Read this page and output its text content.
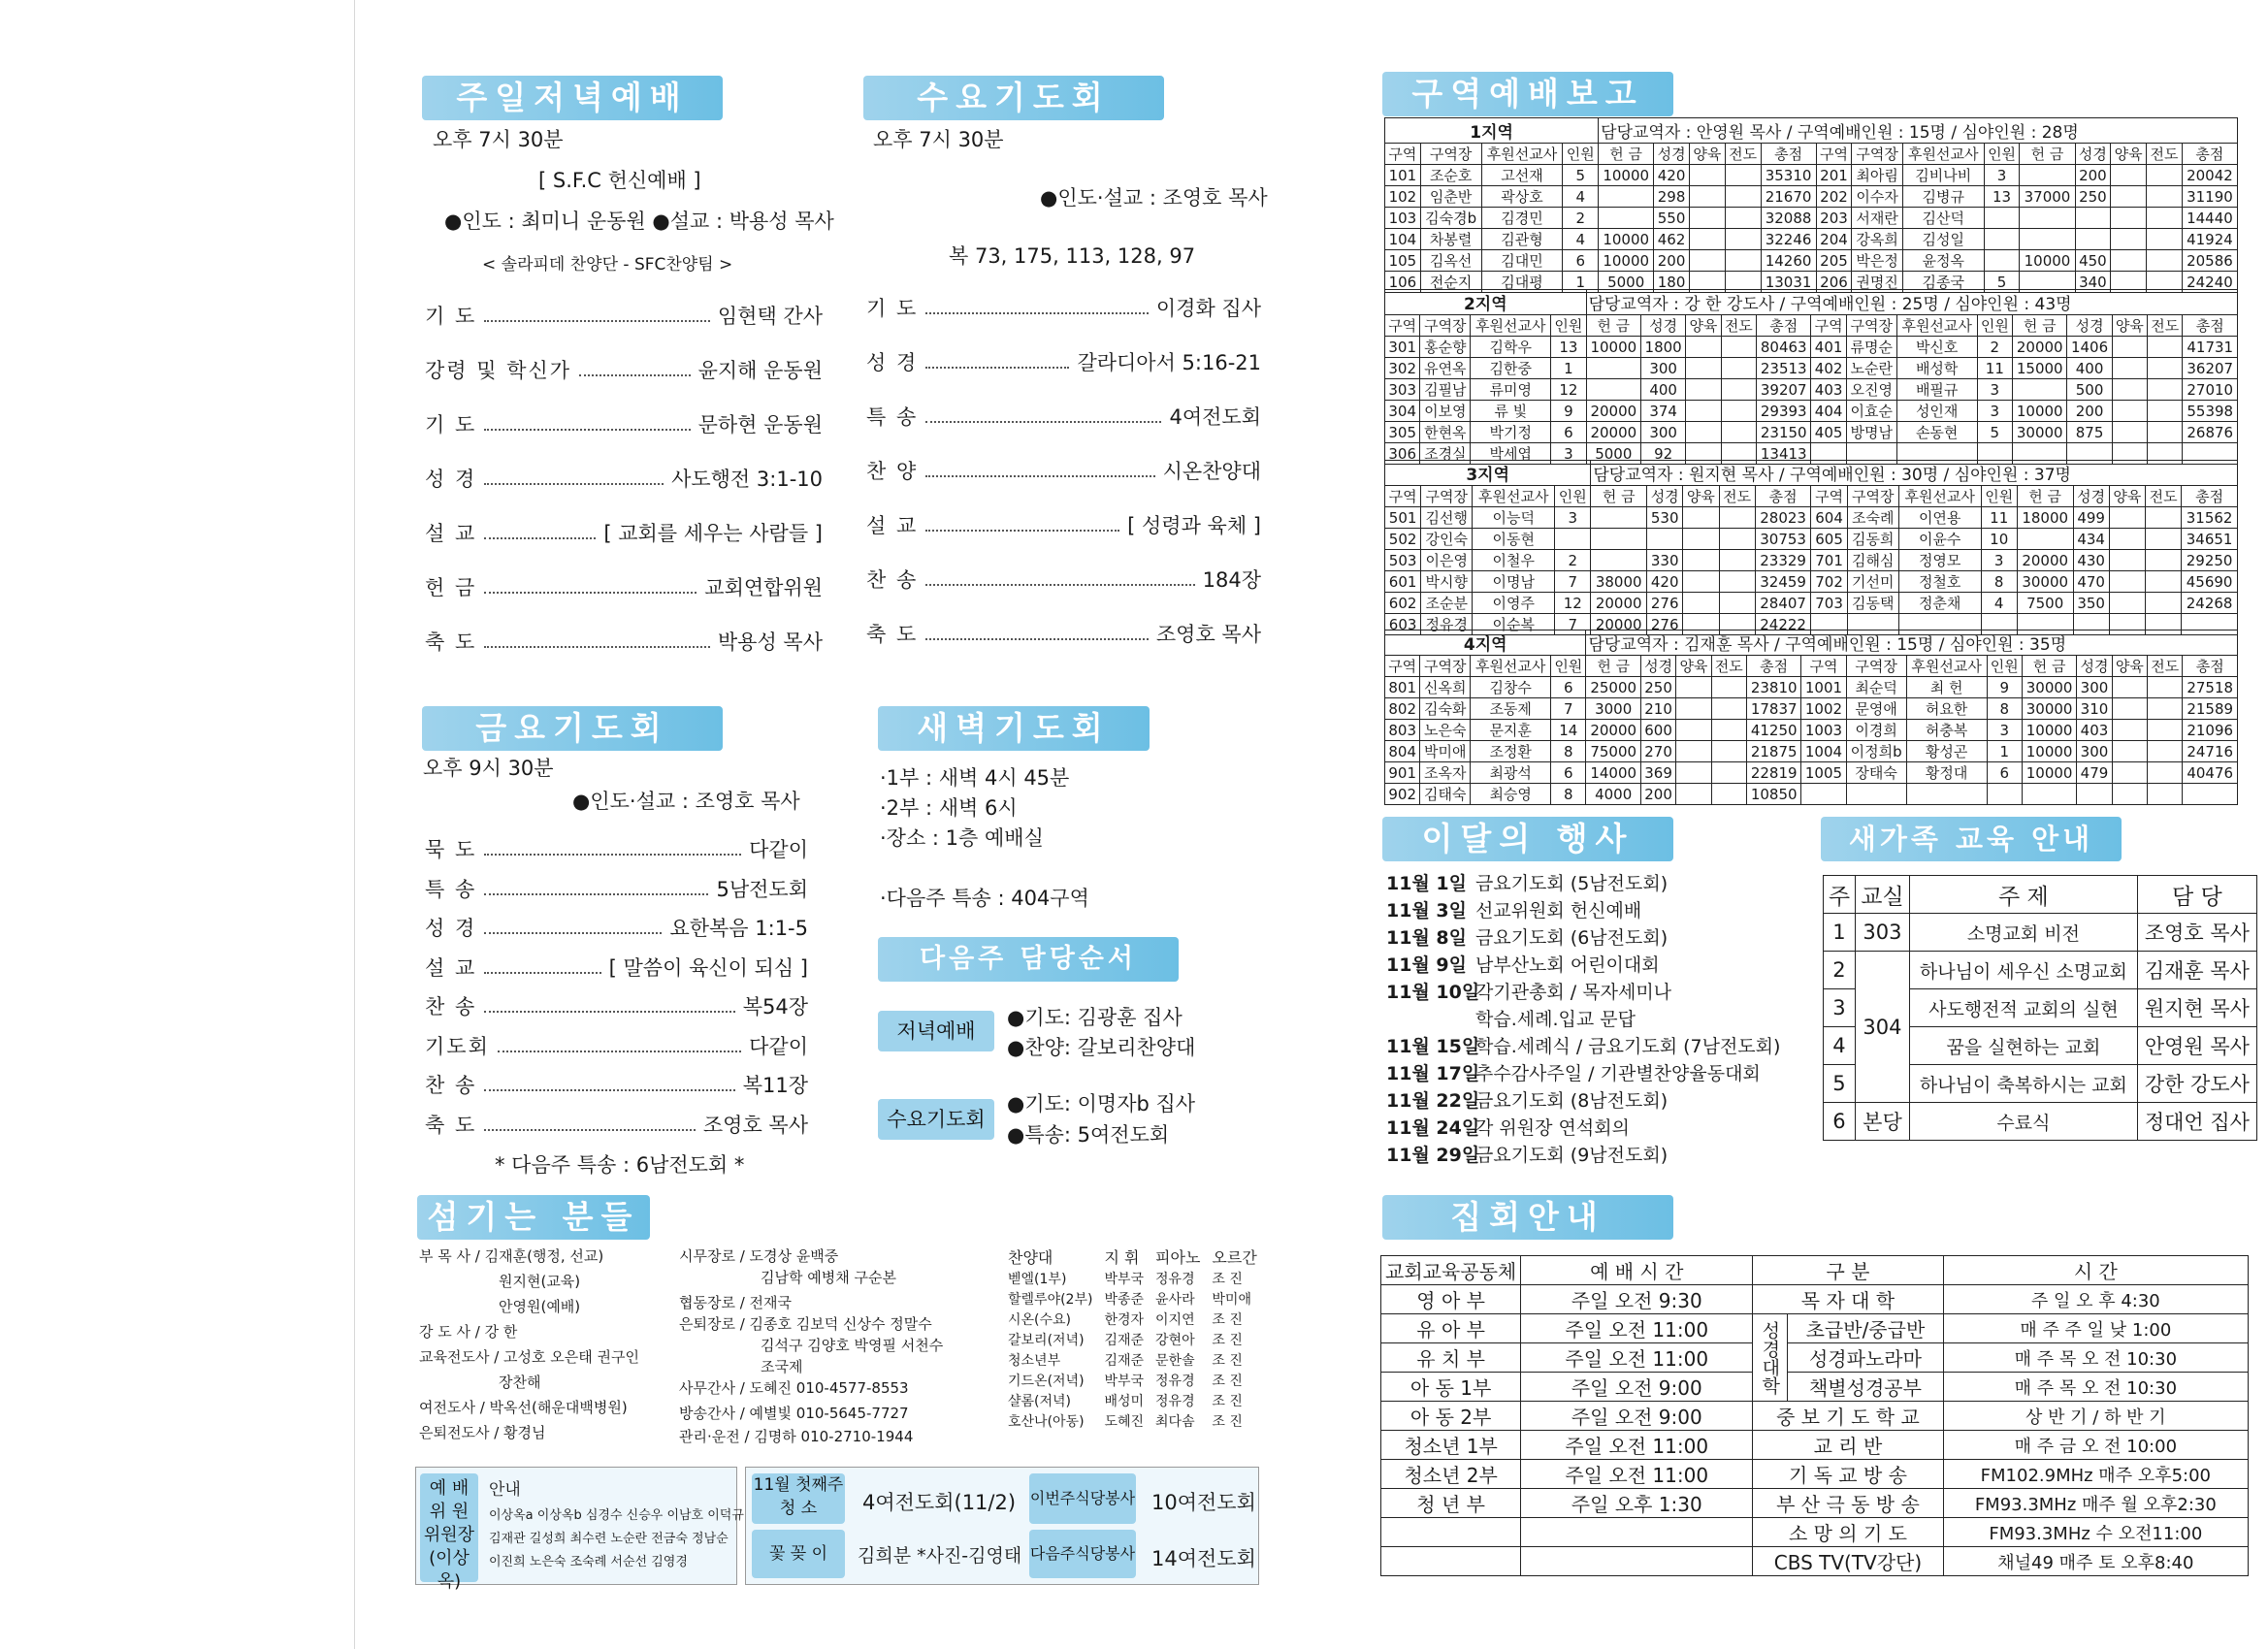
주일저녁예배
오후 7시 30분
[ S.F.C 헌신예배 ]
●인도 : 최미니 운동원 ●설교 : 박용성 목사
< 솔라피데 찬양단 - SFC찬양팀 >
기 도	임현택 간사
강령 및 학신가	윤지해 운동원
기 도	문하현 운동원
성 경	사도행전 3:1-10
설 교	[ 교회를 세우는 사람들 ]
헌 금	교회연합위원
축 도	박용성 목사
수요기도회
오후 7시 30분
●인도·설교 : 조영호 목사
복 73, 175, 113, 128, 97
기 도	이경화 집사
성 경	갈라디아서 5:16-21
특 송	4여전도회
찬 양	시온찬양대
설 교	[ 성령과 육체 ]
찬 송	184장
축 도	조영호 목사
금요기도회
오후 9시 30분
●인도·설교 : 조영호 목사
묵 도	다같이
특 송	5남전도회
성 경	요한복음 1:1-5
설 교	[ 말씀이 육신이 되심 ]
찬 송	복54장
기도회	다같이
찬 송	복11장
축 도	조영호 목사
* 다음주 특송 : 6남전도회 *
새벽기도회
·1부 : 새벽 4시 45분
·2부 : 새벽 6시
·장소 : 1층 예배실
·다음주 특송 : 404구역
다음주 담당순서
저녁예배
●기도: 김광훈 집사
●찬양: 갈보리찬양대
수요기도회
●기도: 이명자b 집사
●특송: 5여전도회
섬기는 분들
부 목 사 / 김재훈(행정, 선교)
원지현(교육)
안영원(예배)
강 도 사 / 강 한
교육전도사 / 고성호 오은태 권구인
장찬해
여전도사 / 박옥선(해운대백병원)
은퇴전도사 / 황경님
시무장로 / 도경상 윤백중
김남학 예병채 구순본
협동장로 / 전재국
은퇴장로 / 김종호 김보덕 신상수 정말수
김석구 김양호 박영필 서천수
조국제
사무간사 / 도혜진 010-4577-8553
방송간사 / 예별빛 010-5645-7727
관리·운전 / 김명하 010-2710-1944
찬양대	지 휘	피아노	오르간
벧엘(1부)	박부국	정유경	조 진
할렐루야(2부)	박종준	윤사라	박미애
시온(수요)	한경자	이지연	조 진
갈보리(저녁)	김재준	강현아	조 진
청소년부	김재준	문한솔	조 진
기드온(저녁)	박부국	정유경	조 진
샬롬(저녁)	배성미	정유경	조 진
호산나(아동)	도혜진	최다솜	조 진
예 배
위 원
위원장
(이상옥)
안내
이상옥a 이상옥b 심경수 신승우 이남호 이덕규
김재관 길성희 최수련 노순란 전금숙 정남순
이진희 노은숙 조숙례 서순선 김영경
11월 첫째주
청 소	4여전도회(11/2)
꽃 꽂 이	김희분 *사진-김영태
이번주식당봉사 10여전도회
다음주식당봉사 14여전도회
구역예배보고
1지역				담당교역자 : 안영원 목사 / 구역예배인원 : 15명 / 심야인원 : 28명													
구역	구역장	후원선교사	인원	헌 금	성경	양육	전도	총점	구역	구역장	후원선교사	인원	헌 금	성경	양육	전도	총점
101	조순호	고선재	5	10000	420			35310	201	최아림	김비나비	3		200			20042
102	임춘반	곽상호	4		298			21670	202	이수자	김병규	13	37000	250			31190
103	김숙경b	김경민	2		550			32088	203	서재란	김산덕						14440
104	차봉렬	김관형	4	10000	462			32246	204	강옥희	김성일						41924
105	김옥선	김대민	6	10000	200			14260	205	박은정	윤정옥		10000	450			20586
106	전순지	김대평	1	5000	180			13031	206	권명진	김종국	5		340			24240
2지역				담당교역자 : 강 한 강도사 / 구역예배인원 : 25명 / 심야인원 : 43명													
구역	구역장	후원선교사	인원	헌 금	성경	양육	전도	총점	구역	구역장	후원선교사	인원	헌 금	성경	양육	전도	총점
301	홍순향	김학우	13	10000	1800			80463	401	류명순	박신호	2	20000	1406			41731
302	유연옥	김한중	1		300			23513	402	노순란	배성학	11	15000	400			36207
303	김필남	류미영	12		400			39207	403	오진영	배필규	3		500			27010
304	이보영	류 빛	9	20000	374			29393	404	이효순	성인재	3	10000	200			55398
305	한현옥	박기정	6	20000	300			23150	405	방명남	손동현	5	30000	875			26876
306	조경실	박세엽	3	5000	92			13413									
3지역				담당교역자 : 원지현 목사 / 구역예배인원 : 30명 / 심야인원 : 37명													
구역	구역장	후원선교사	인원	헌 금	성경	양육	전도	총점	구역	구역장	후원선교사	인원	헌 금	성경	양육	전도	총점
501	김선행	이능덕	3		530			28023	604	조숙례	이연용	11	18000	499			31562
502	강인숙	이동현						30753	605	김동희	이윤수	10		434			34651
503	이은영	이철우	2		330			23329	701	김해심	정영모	3	20000	430			29250
601	박시향	이명남	7	38000	420			32459	702	기선미	정철호	8	30000	470			45690
602	조순분	이영주	12	20000	276			28407	703	김동택	정춘채	4	7500	350			24268
603	정유경	이순복	7	20000	276			24222									
4지역				담당교역자 : 김재훈 목사 / 구역예배인원 : 15명 / 심야인원 : 35명													
구역	구역장	후원선교사	인원	헌 금	성경	양육	전도	총점	구역	구역장	후원선교사	인원	헌 금	성경	양육	전도	총점
801	신옥희	김창수	6	25000	250			23810	1001	최순덕	최 헌	9	30000	300			27518
802	김숙화	조동제	7	3000	210			17837	1002	문영애	허요한	8	30000	310			21589
803	노은숙	문지훈	14	20000	600			41250	1003	이경희	허충복	3	10000	403			21096
804	박미애	조정환	8	75000	270			21875	1004	이정희b	황성곤	1	10000	300			24716
901	조옥자	최광석	6	14000	369			22819	1005	장태숙	황정대	6	10000	479			40476
902	김태숙	최승영	8	4000	200			10850									
이달의 행사
11월 1일 금요기도회 (5남전도회)
11월 3일 선교위원회 헌신예배
11월 8일 금요기도회 (6남전도회)
11월 9일 남부산노회 어린이대회
11월 10일각기관총회 / 목자세미나
학습.세례.입교 문답
11월 15일학습.세례식 / 금요기도회 (7남전도회)
11월 17일추수감사주일 / 기관별찬양율동대회
11월 22일금요기도회 (8남전도회)
11월 24일각 위원장 연석회의
11월 29일금요기도회 (9남전도회)
새가족 교육 안내
주	교실	주 제	담 당
1	303	소명교회 비전	조영호 목사
2	304	하나님이 세우신 소명교회	김재훈 목사
3		사도행전적 교회의 실현	원지현 목사
4		꿈을 실현하는 교회	안영원 목사
5		하나님이 축복하시는 교회	강한 강도사
6	본당	수료식	정대언 집사
집회안내
교회교육공동체	예 배 시 간	구 분		시 간
영 아 부	주일 오전 9:30	목 자 대 학		주 일 오 후 4:30
유 아 부	주일 오전 11:00	성경대학	초급반/중급반	매 주 주 일 낮 1:00
유 치 부	주일 오전 11:00		성경파노라마	매 주 목 오 전 10:30
아 동 1부	주일 오전 9:00		책별성경공부	매 주 목 오 전 10:30
아 동 2부	주일 오전 9:00	중 보 기 도 학 교		상 반 기 / 하 반 기
청소년 1부	주일 오전 11:00	교 리 반		매 주 금 오 전 10:00
청소년 2부	주일 오전 11:00	기 독 교 방 송		FM102.9MHz 매주 오후5:00
청 년 부	주일 오후 1:30	부 산 극 동 방 송		FM93.3MHz 매주 월 오후2:30
		소 망 의 기 도		FM93.3MHz 수 오전11:00
		CBS TV(TV강단)		채널49 매주 토 오후8:40
